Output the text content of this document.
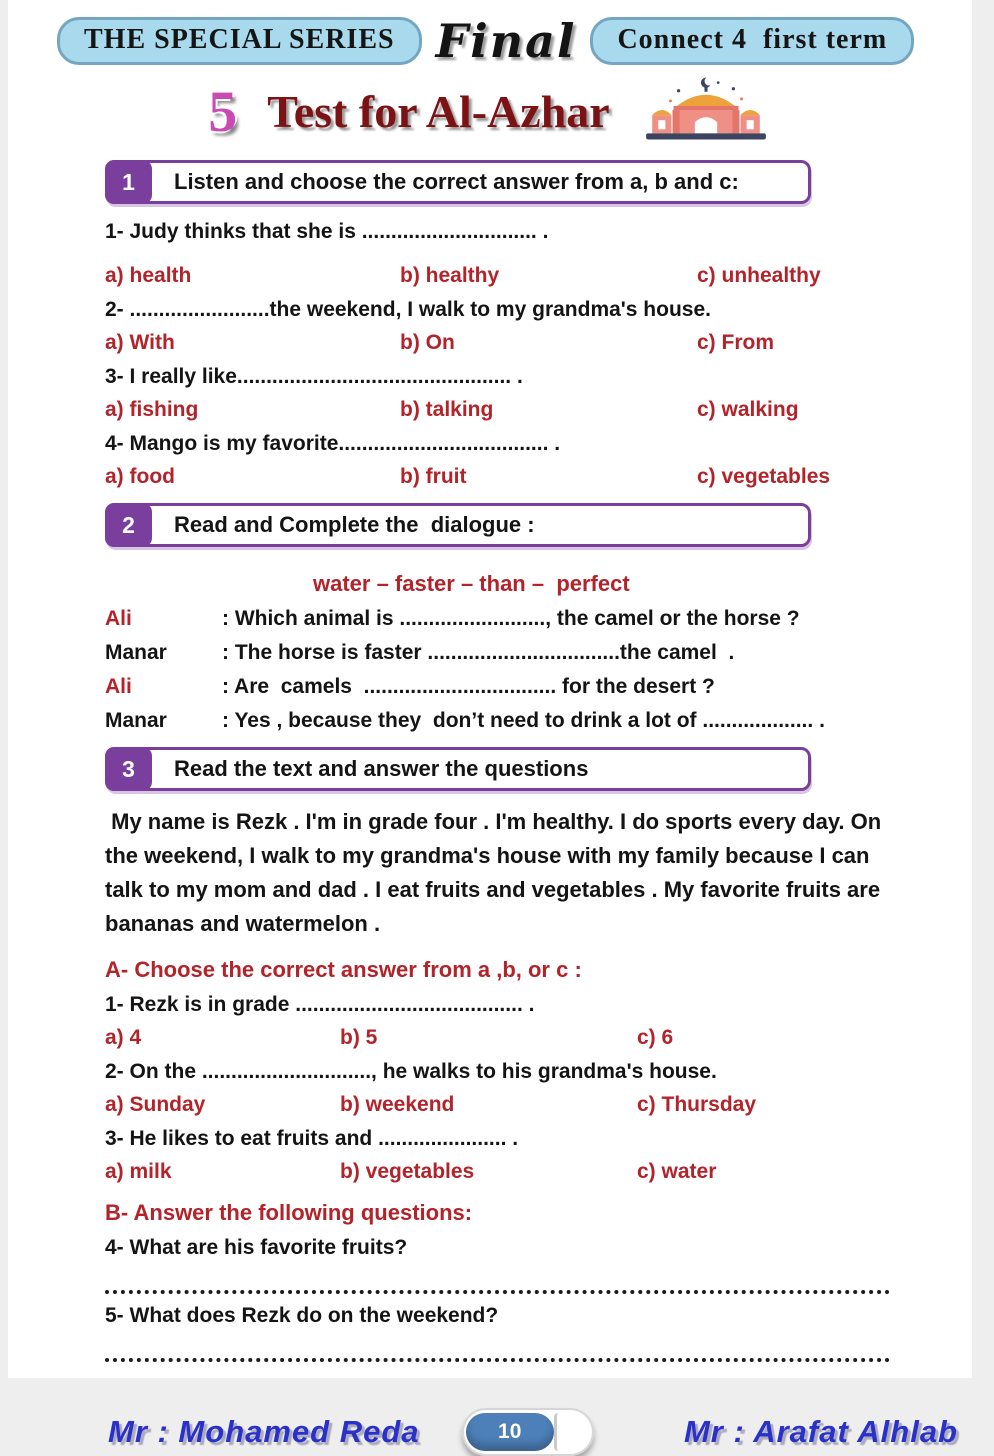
THE SPECIAL SERIES Final	Connect 4  first term
5 Test for Al-Azhar
1	Listen and choose the correct answer from a, b and c:
1- Judy thinks that she is .............................. .
a) health	b) healthy	c) unhealthy
2- ........................the weekend, I walk to my grandma's house.
a) With	b) On	c) From
3- I really like............................................... .
a) fishing	b) talking	c) walking
4- Mango is my favorite.................................... .
a) food	b) fruit	c) vegetables
2	Read and Complete the  dialogue :
water – faster – than –  perfect
Ali	: Which animal is ........................., the camel or the horse ?
Manar	: The horse is faster .................................the camel  .
Ali	: Are  camels  ................................. for the desert ?
Manar	: Yes , because they  don’t need to drink a lot of ................... .
3	Read the text and answer the questions
My name is Rezk . I'm in grade four . I'm healthy. I do sports every day. On the weekend, I walk to my grandma's house with my family because I can talk to my mom and dad . I eat fruits and vegetables . My favorite fruits are bananas and watermelon .
A- Choose the correct answer from a ,b, or c :
1- Rezk is in grade ....................................... .
a) 4	b) 5	c) 6
2- On the ............................., he walks to his grandma's house.
a) Sunday	b) weekend	c) Thursday
3- He likes to eat fruits and ...................... .
a) milk	b) vegetables	c) water
B- Answer the following questions:
4- What are his favorite fruits?
5- What does Rezk do on the weekend?
Mr : Mohamed Reda	10	Mr : Arafat Alhlab
